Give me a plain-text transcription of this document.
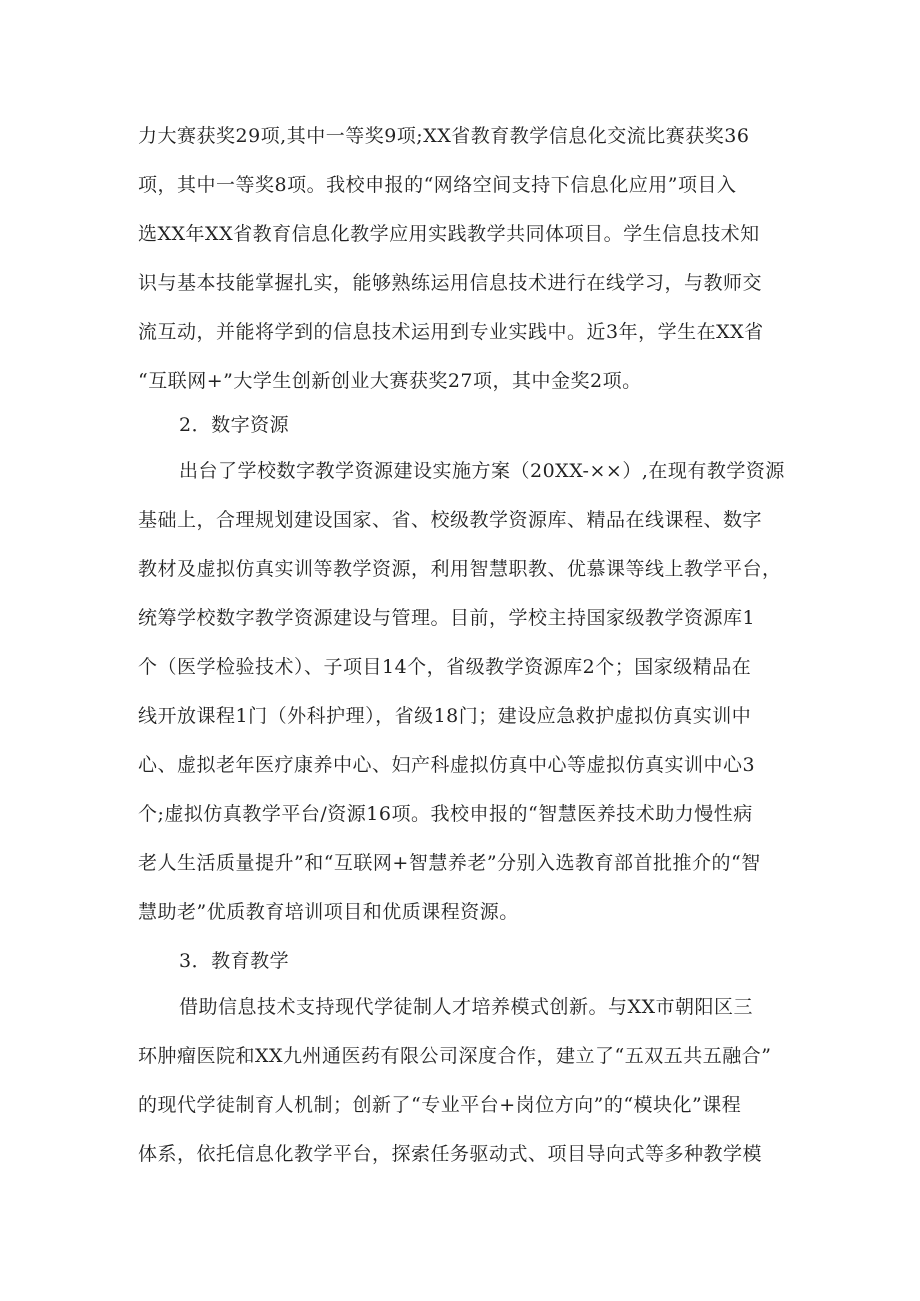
力大赛获奖29项,其中一等奖9项;XX省教育教学信息化交流比赛获奖36
项，其中一等奖8项。我校申报的“网络空间支持下信息化应用”项目入
选XX年XX省教育信息化教学应用实践教学共同体项目。学生信息技术知
识与基本技能掌握扎实，能够熟练运用信息技术进行在线学习，与教师交
流互动，并能将学到的信息技术运用到专业实践中。近3年，学生在XX省
“互联网+”大学生创新创业大赛获奖27项，其中金奖2项。
2．数字资源
出台了学校数字教学资源建设实施方案（20XX-××）,在现有教学资源
基础上，合理规划建设国家、省、校级教学资源库、精品在线课程、数字
教材及虚拟仿真实训等教学资源，利用智慧职教、优慕课等线上教学平台，
统筹学校数字教学资源建设与管理。目前，学校主持国家级教学资源库1
个（医学检验技术）、子项目14个，省级教学资源库2个；国家级精品在
线开放课程1门（外科护理），省级18门；建设应急救护虚拟仿真实训中
心、虚拟老年医疗康养中心、妇产科虚拟仿真中心等虚拟仿真实训中心3
个;虚拟仿真教学平台/资源16项。我校申报的“智慧医养技术助力慢性病
老人生活质量提升”和“互联网+智慧养老”分别入选教育部首批推介的“智
慧助老”优质教育培训项目和优质课程资源。
3．教育教学
借助信息技术支持现代学徒制人才培养模式创新。与XX市朝阳区三
环肿瘤医院和XX九州通医药有限公司深度合作，建立了“五双五共五融合”
的现代学徒制育人机制；创新了“专业平台+岗位方向”的“模块化”课程
体系，依托信息化教学平台，探索任务驱动式、项目导向式等多种教学模
